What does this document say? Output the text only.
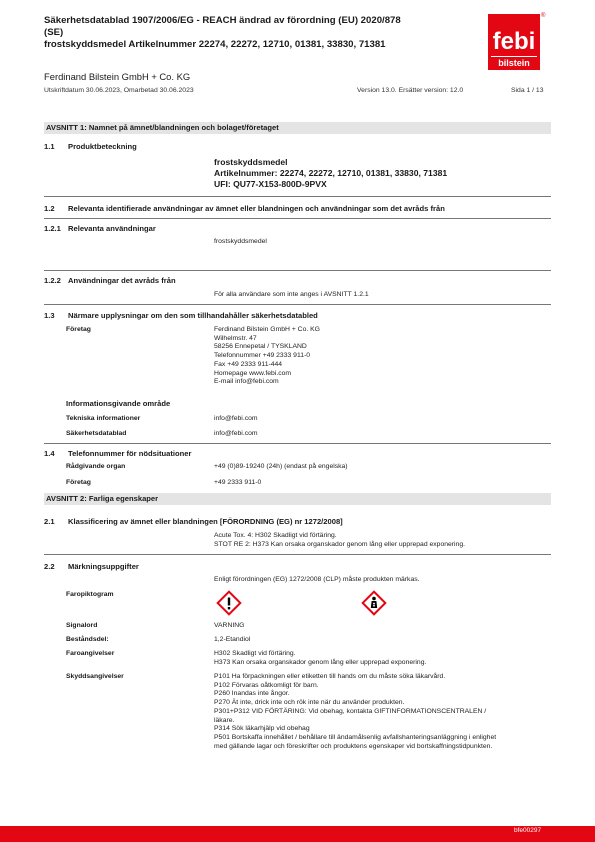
Säkerhetsdatablad 1907/2006/EG - REACH ändrad av förordning (EU) 2020/878
(SE)
frostskyddsmedel Artikelnummer 22274, 22272, 12710, 01381, 33830, 71381	febi
bilstein
®
Ferdinand Bilstein GmbH + Co. KG
Utskriftdatum 30.06.2023, Omarbetad 30.06.2023	Version 13.0. Ersätter version: 12.0	Sida 1 / 13
AVSNITT 1: Namnet på ämnet/blandningen och bolaget/företaget
1.1 Produktbeteckning
frostskyddsmedel
Artikelnummer: 22274, 22272, 12710, 01381, 33830, 71381
UFI: QU77-X153-800D-9PVX
1.2 Relevanta identifierade användningar av ämnet eller blandningen och användningar som det avråds från
1.2.1 Relevanta användningar
frostskyddsmedel
1.2.2 Användningar det avråds från
För alla användare som inte anges i AVSNITT 1.2.1
1.3 Närmare upplysningar om den som tillhandahåller säkerhetsdatabled
Företag	Ferdinand Bilstein GmbH + Co. KG
Wilhelmstr. 47
58256 Ennepetal / TYSKLAND
Telefonnummer +49 2333 911-0
Fax +49 2333 911-444
Homepage www.febi.com
E-mail info@febi.com
Informationsgivande område
Tekniska informationer	info@febi.com
Säkerhetsdatablad	info@febi.com
1.4 Telefonnummer för nödsituationer
Rådgivande organ	+49 (0)89-19240 (24h) (endast på engelska)
Företag	+49 2333 911-0
AVSNITT 2: Farliga egenskaper
2.1 Klassificering av ämnet eller blandningen [FÖRORDNING (EG) nr 1272/2008]
Acute Tox. 4: H302 Skadligt vid förtäring.
STOT RE 2: H373 Kan orsaka organskador genom lång eller upprepad exponering.
2.2 Märkningsuppgifter
Enligt förordningen (EG) 1272/2008 (CLP) måste produkten märkas.
Faropiktogram
Signalord	VARNING
Beståndsdel:	1,2-Etandiol
Faroangivelser	H302 Skadligt vid förtäring.
H373 Kan orsaka organskador genom lång eller upprepad exponering.
Skyddsangivelser	P101 Ha förpackningen eller etiketten till hands om du måste söka läkarvård.
P102 Förvaras oåtkomligt för barn.
P260 Inandas inte ångor.
P270 Ät inte, drick inte och rök inte när du använder produkten.
P301+P312 VID FÖRTÄRING: Vid obehag, kontakta GIFTINFORMATIONSCENTRALEN /
läkare.
P314 Sök läkarhjälp vid obehag
P501 Bortskaffa innehållet / behållare till ändamålsenlig avfallshanteringsanläggning i enlighet
med gällande lagar och föreskrifter och produktens egenskaper vid bortskaffningstidpunkten.
bfe00297
